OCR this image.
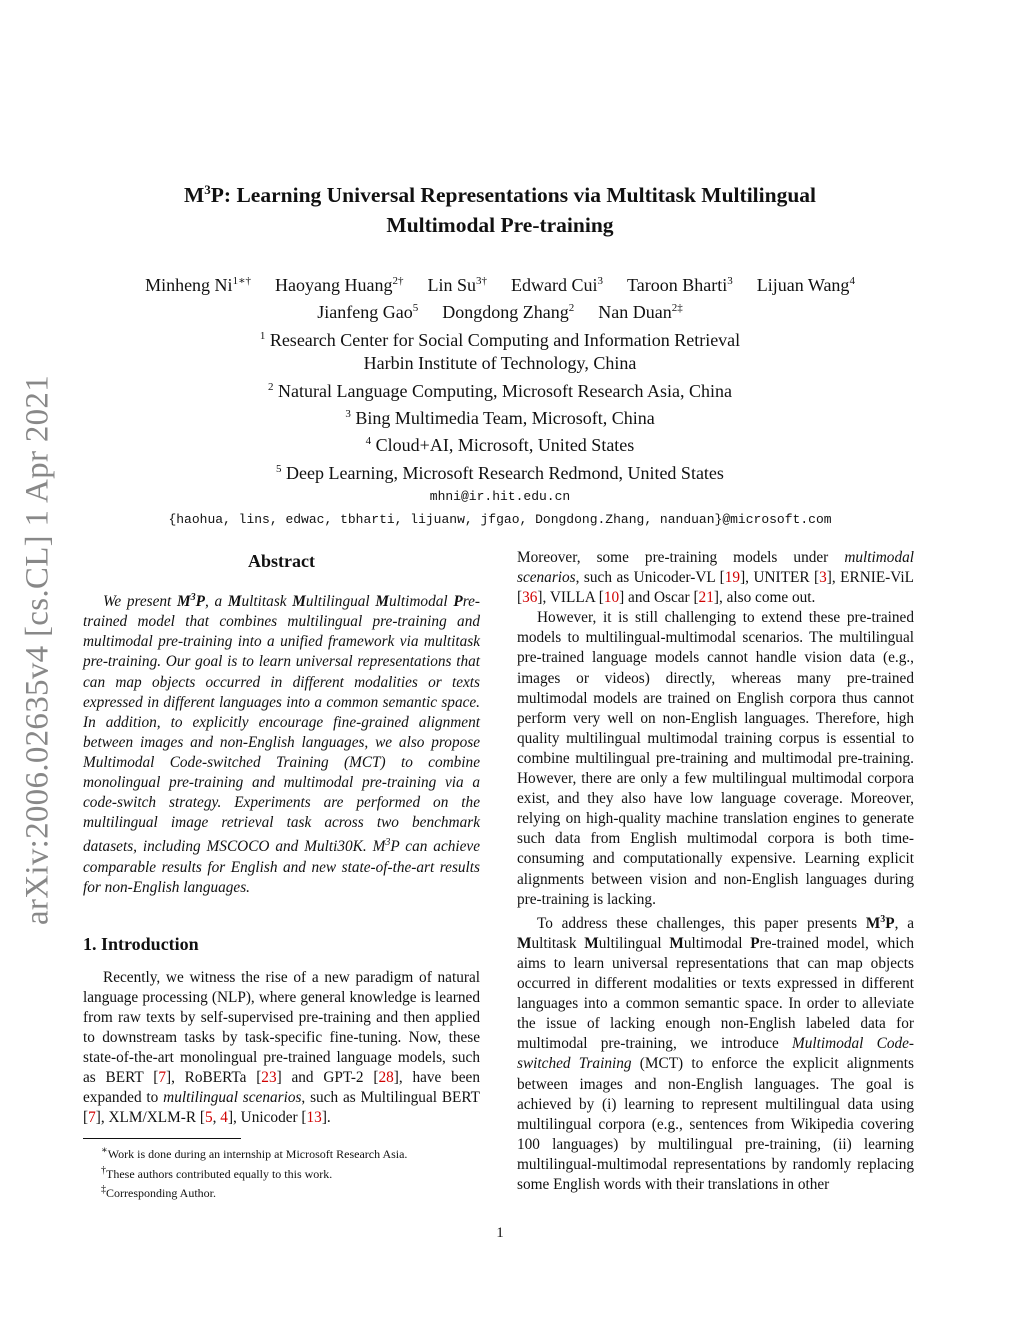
arXiv:2006.02635v4 [cs.CL] 1 Apr 2021
$M^3P$: Learning Universal Representations via Multitask Multilingual
Multimodal Pre-training
Minheng $Ni^{1∗\dagger}$ Haoyang Huang$^{2\dagger}$ Lin $Su^{3\dagger}$ Edward Cui$^3$ Taroon Bharti$^3$ Lijuan Wang$^4$
Jianfeng Gao$^5$ Dongdong Zhang$^2$ Nan Duan$^{2\ddagger}$
$^1$ Research Center for Social Computing and Information Retrieval
Harbin Institute of Technology, China
$^2$ Natural Language Computing, Microsoft Research Asia, China
$^3$ Bing Multimedia Team, Microsoft, China
$^4$ Cloud+AI, Microsoft, United States
$^5$ Deep Learning, Microsoft Research Redmond, United States
mhni@ir.hit.edu.cn
{haohua, lins, edwac, tbharti, lijuanw, jfgao, Dongdong.Zhang, nanduan}@microsoft.com
Abstract

We present $M^3P$, a Multitask Multilingual Multimodal Pre-trained model that combines multilingual pre-training and multimodal pre-training into a unified framework via multitask pre-training. Our goal is to learn universal representations that can map objects occurred in different modalities or texts expressed in different languages into a common semantic space. In addition, to explicitly encourage fine-grained alignment between images and non-English languages, we also propose Multimodal Code-switched Training (MCT) to combine monolingual pre-training and multimodal pre-training via a code-switch strategy. Experiments are performed on the multilingual image retrieval task across two benchmark datasets, including MSCOCO and Multi30K. $M^3P$ can achieve comparable results for English and new state-of-the-art results for non-English languages.

1. Introduction

Recently, we witness the rise of a new paradigm of natural language processing (NLP), where general knowledge is learned from raw texts by self-supervised pre-training and then applied to downstream tasks by task-specific fine-tuning. Now, these state-of-the-art monolingual pre-trained language models, such as BERT [7], RoBERTa [23] and GPT-2 [28], have been expanded to multilingual scenarios, such as Multilingual BERT [7], XLM/XLM-R [5, 4], Unicoder [13].

∗Work is done during an internship at Microsoft Research Asia.
†These authors contributed equally to this work.
‡Corresponding Author.

Moreover, some pre-training models under multimodal scenarios, such as Unicoder-VL [19], UNITER [3], ERNIE-ViL [36], VILLA [10] and Oscar [21], also come out.

However, it is still challenging to extend these pre-trained models to multilingual-multimodal scenarios. The multilingual pre-trained language models cannot handle vision data (e.g., images or videos) directly, whereas many pre-trained multimodal models are trained on English corpora thus cannot perform very well on non-English languages. Therefore, high quality multilingual multimodal training corpus is essential to combine multilingual pre-training and multimodal pre-training. However, there are only a few multilingual multimodal corpora exist, and they also have low language coverage. Moreover, relying on high-quality machine translation engines to generate such data from English multimodal corpora is both time-consuming and computationally expensive. Learning explicit alignments between vision and non-English languages during pre-training is lacking.

To address these challenges, this paper presents $M^3P$, a Multitask Multilingual Multimodal Pre-trained model, which aims to learn universal representations that can map objects occurred in different modalities or texts expressed in different languages into a common semantic space. In order to alleviate the issue of lacking enough non-English labeled data for multimodal pre-training, we introduce Multimodal Code-switched Training (MCT) to enforce the explicit alignments between images and non-English languages. The goal is achieved by (i) learning to represent multilingual data using multilingual corpora (e.g., sentences from Wikipedia covering 100 languages) by multilingual pre-training, (ii) learning multilingual-multimodal representations by randomly replacing some English words with their translations in other

1
